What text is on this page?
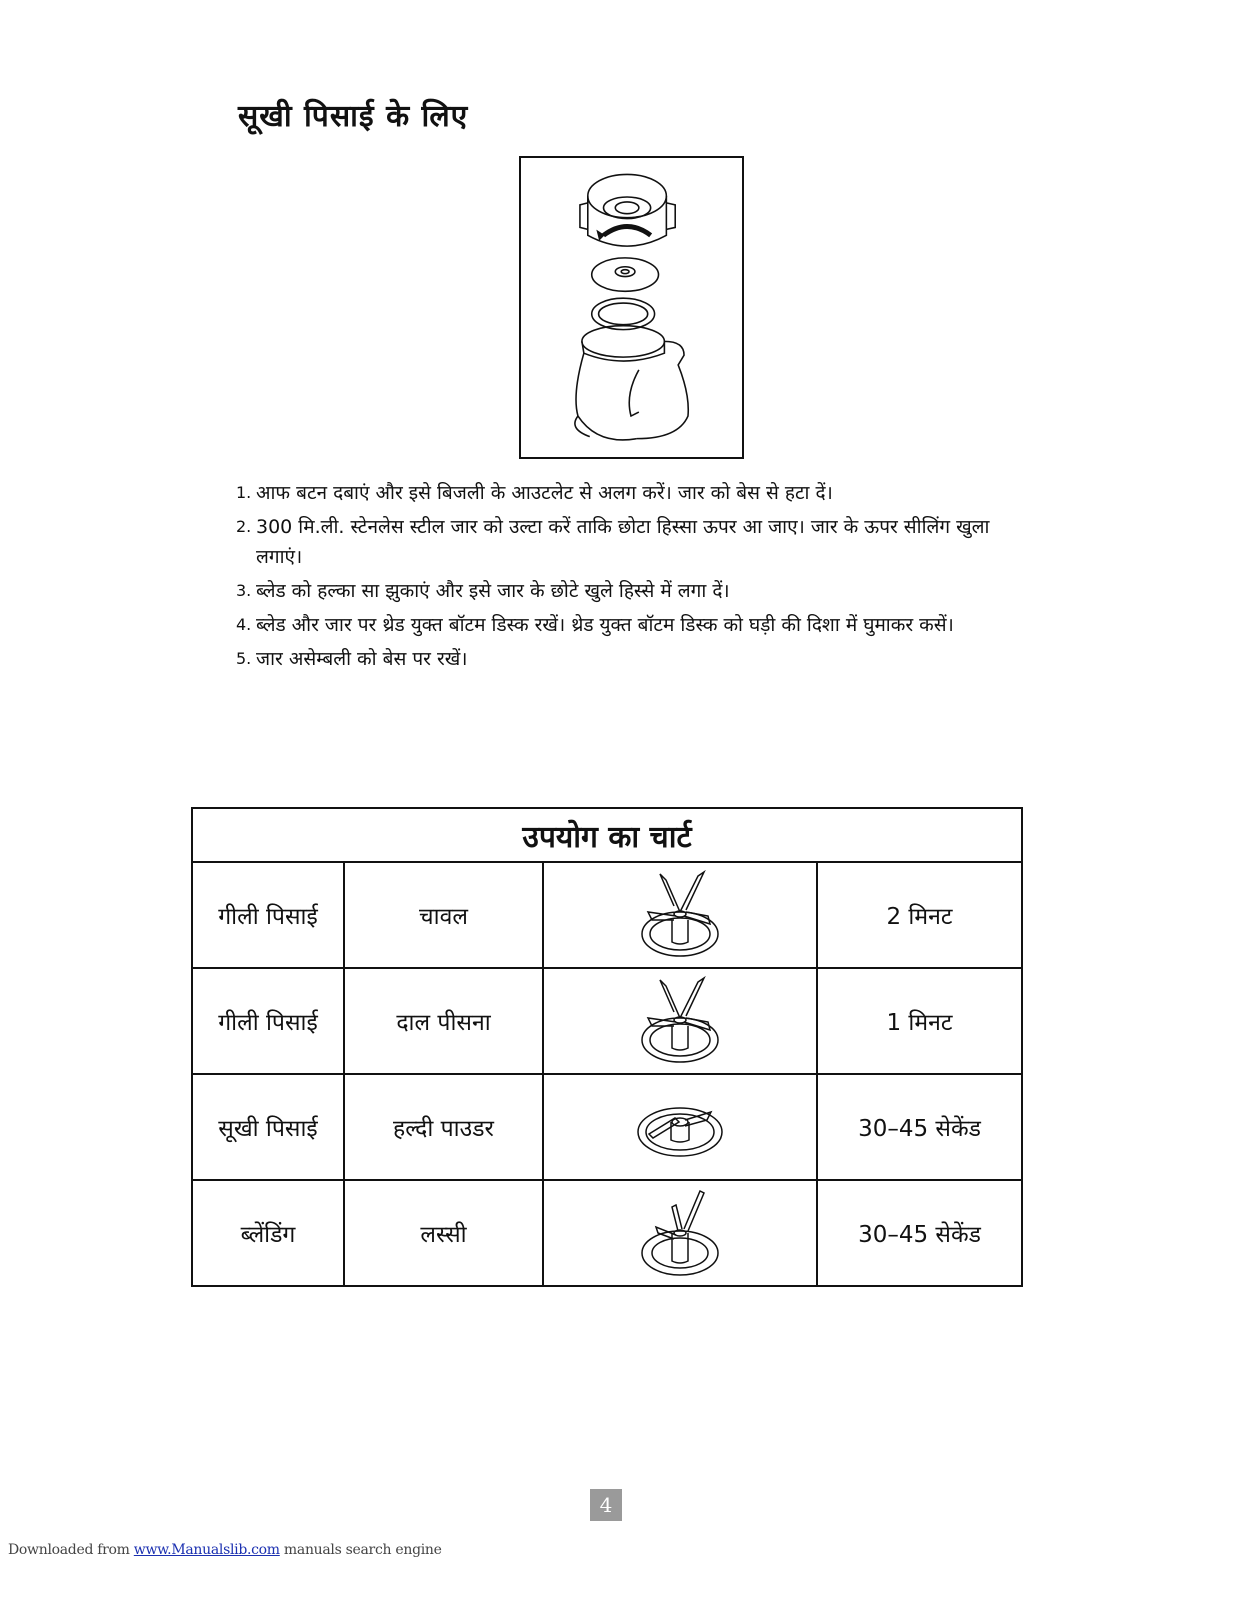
सूखी पिसाई के लिए
1. आफ बटन दबाएं और इसे बिजली के आउटलेट से अलग करें। जार को बेस से हटा दें।
2. 300 मि.ली. स्टेनलेस स्टील जार को उल्टा करें ताकि छोटा हिस्सा ऊपर आ जाए। जार के ऊपर सीलिंग खुला लगाएं।
3. ब्लेड को हल्का सा झुकाएं और इसे जार के छोटे खुले हिस्से में लगा दें।
4. ब्लेड और जार पर थ्रेड युक्त बॉटम डिस्क रखें। थ्रेड युक्त बॉटम डिस्क को घड़ी की दिशा में घुमाकर कसें।
5. जार असेम्बली को बेस पर रखें।
उपयोग का चार्ट			
गीली पिसाई	चावल		2 मिनट
गीली पिसाई	दाल पीसना		1 मिनट
सूखी पिसाई	हल्दी पाउडर		30–45 सेकेंड
ब्लेंडिंग	लस्सी		30–45 सेकेंड
4
Downloaded from www.Manualslib.com manuals search engine
